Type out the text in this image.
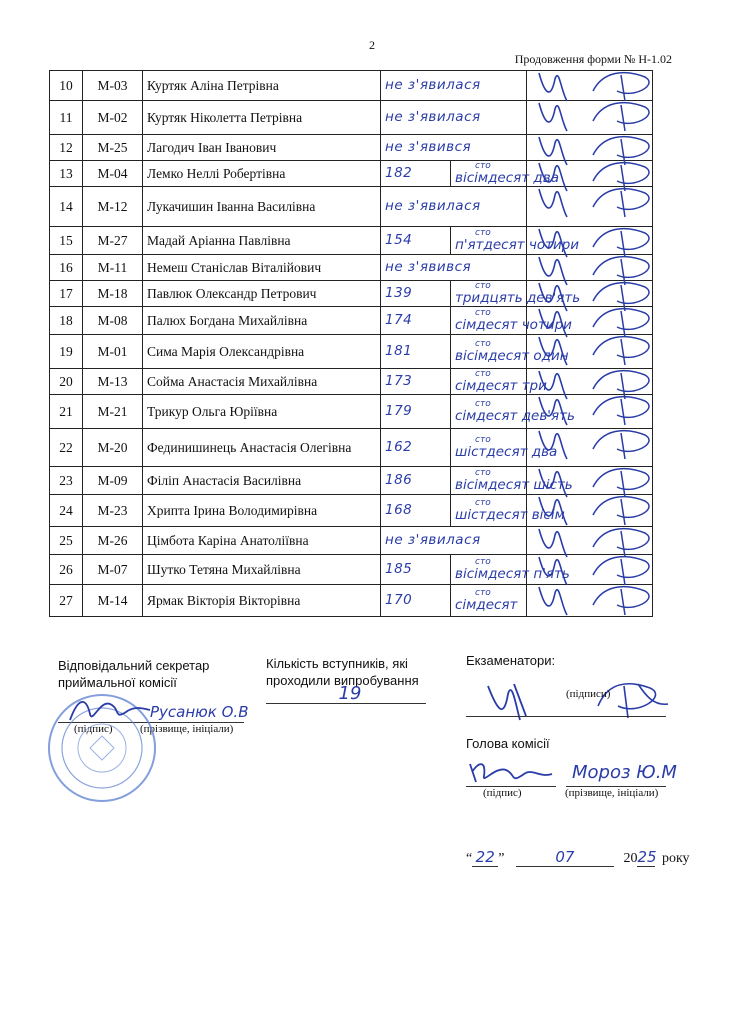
2
Продовження форми № Н-1.02
10	М-03	Куртяк Аліна Петрівна	не з'явилася	

11	М-02	Куртяк Ніколетта Петрівна	не з'явилася	

12	М-25	Лагодич Іван Іванович	не з'явився	

13	М-04	Лемко Неллі Робертівна	182	сто
вісімдесят два	

14	М-12	Лукачишин Іванна Василівна	не з'явилася	

15	М-27	Мадай Аріанна Павлівна	154	сто
п'ятдесят чотири	

16	М-11	Немеш Станіслав Віталійович	не з'явився	

17	М-18	Павлюк Олександр Петрович	139	сто
тридцять дев'ять	

18	М-08	Палюх Богдана Михайлівна	174	сто
сімдесят чотири	

19	М-01	Сима Марія Олександрівна	181	сто
вісімдесят один	

20	М-13	Сойма Анастасія Михайлівна	173	сто
сімдесят три	

21	М-21	Трикур Ольга Юріївна	179	сто
сімдесят дев'ять	

22	М-20	Фединишинець Анастасія Олегівна	162	сто
шістдесят два	

23	М-09	Філіп Анастасія Василівна	186	сто
вісімдесят шість	

24	М-23	Хрипта Ірина Володимирівна	168	сто
шістдесят вісім	

25	М-26	Цімбота Каріна Анатоліївна	не з'явилася	

26	М-07	Шутко Тетяна Михайлівна	185	сто
вісімдесят п'ять	

27	М-14	Ярмак Вікторія Вікторівна	170	сто
сімдесят	
Відповідальний секретар приймальної комісії
Русанюк О.В
(підпис) (прізвище, ініціали)
Кількість вступників, які проходили випробування
19
Екзаменатори:
(підписи)
Голова комісії
Мороз Ю.М
(підпис)	(прізвище, ініціали)
“ 22 ”	07	2025 року
